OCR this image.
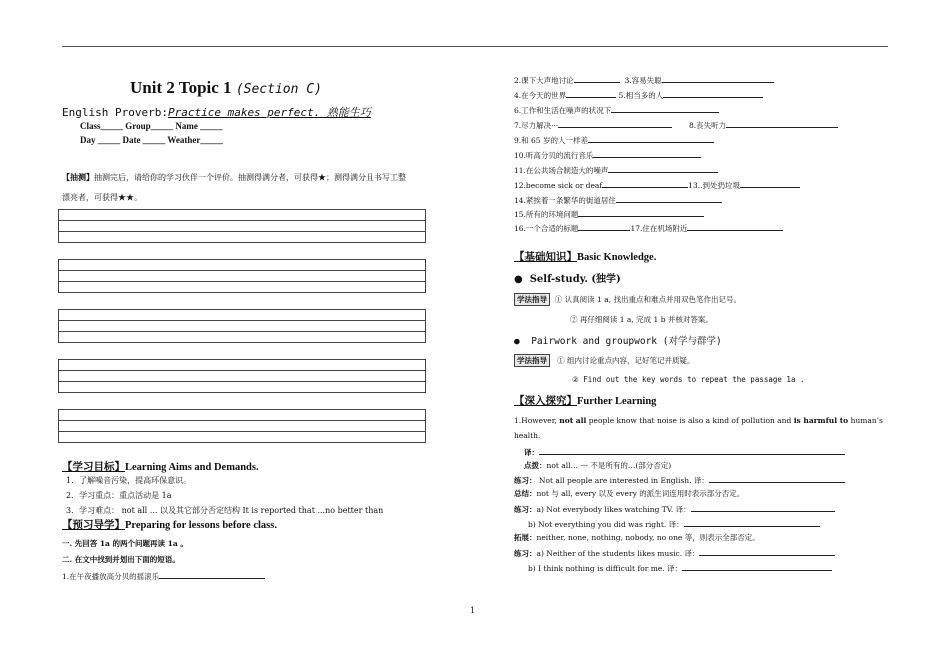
Unit 2 Topic 1 (Section C)
English Proverb:Practice makes perfect. 熟能生巧
Class_____ Group_____ Name _____
Day _____ Date _____ Weather_____
【抽测】抽测完后，请给你的学习伙伴一个评价。抽测得满分者，可获得★；测得满分且书写工整
漂亮者，可获得★★。
【学习目标】Learning Aims and Demands.
1．了解噪音污染，提高环保意识。
2．学习重点：重点活动是 1a
3．学习难点： not all ... 以及其它部分否定结构 It is reported that ...no better than
【预习导学】Preparing for lessons before class.
一. 先回答 1a 的两个问题再读 1a 。
二. 在文中找到并划出下面的短语。
1.在午夜播放高分贝的摇滚乐
2.课下大声地讨论	3.容易失聪
4.在今天的世界	5.相当多的人
6.工作和生活在噪声的状况下
7.尽力解决···	8.丧失听力
9.和 65 岁的人一样差
10.听高分贝的流行音乐
11.在公共场合制造大的噪声
12.become sick or deaf	13..到处扔垃圾
14.紧挨着一条繁华的街道居住
15.所有的环境问题
16.一个合适的标题	17.住在机场附近
【基础知识】Basic Knowledge.
● Self-study. (独学)
学法指导 ① 认真阅读 1 a, 找出重点和难点并用双色笔作出记号。
② 再仔细阅读 1 a, 完成 1 b 并核对答案。
● Pairwork and groupwork (对学与群学)
学法指导 ① 组内讨论重点内容，记好笔记并质疑。
② Find out the key words to repeat the passage 1a .
【深入探究】Further Learning
1.However, not all people know that noise is also a kind of pollution and is harmful to human’s
health.
译：
点拨：not all… --- 不是所有的…(部分否定)
练习： Not all people are interested in English. 译：
总结：not 与 all, every 以及 every 的派生词连用时表示部分否定。
练习：a) Not everybody likes watching TV. 译：
b) Not everything you did was right. 译：
拓展：neither, none, nothing, nobody, no one 等，则表示全部否定。
练习：a) Neither of the students likes music. 译：
b) I think nothing is difficult for me. 译：
1
